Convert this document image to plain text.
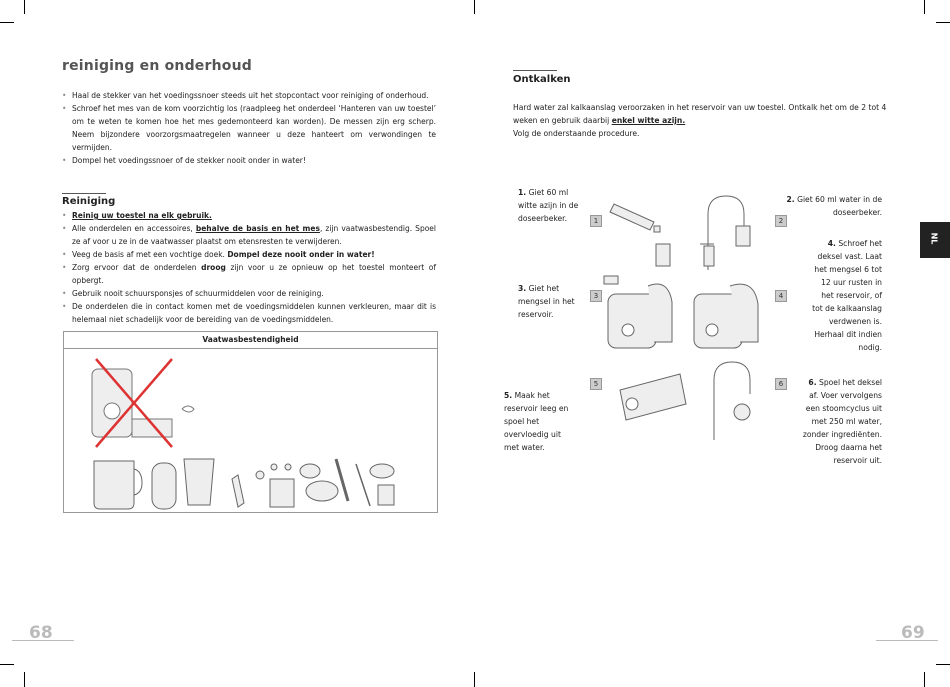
reiniging en onderhoud
• Haal de stekker van het voedingssnoer steeds uit het stopcontact voor reiniging of onderhoud.
• Schroef het mes van de kom voorzichtig los (raadpleeg het onderdeel ‘Hanteren van uw toestel’ om te weten te komen hoe het mes gedemonteerd kan worden). De messen zijn erg scherp. Neem bijzondere voorzorgsmaatregelen wanneer u deze hanteert om verwondingen te vermijden.
• Dompel het voedingssnoer of de stekker nooit onder in water!
Reiniging
• Reinig uw toestel na elk gebruik.
• Alle onderdelen en accessoires, behalve de basis en het mes, zijn vaatwasbestendig. Spoel ze af voor u ze in de vaatwasser plaatst om etensresten te verwijderen.
• Veeg de basis af met een vochtige doek. Dompel deze nooit onder in water!
• Zorg ervoor dat de onderdelen droog zijn voor u ze opnieuw op het toestel monteert of opbergt.
• Gebruik nooit schuursponsjes of schuurmiddelen voor de reiniging.
• De onderdelen die in contact komen met de voedingsmiddelen kunnen verkleuren, maar dit is helemaal niet schadelijk voor de bereiding van de voedingsmiddelen.
Vaatwasbestendigheid
68
Ontkalken
Hard water zal kalkaanslag veroorzaken in het reservoir van uw toestel. Ontkalk het om de 2 tot 4
weken en gebruik daarbij enkel witte azijn.
Volg de onderstaande procedure.
1. Giet 60 ml witte azijn in de doseerbeker.
2. Giet 60 ml water in de doseerbeker.
3. Giet het mengsel in het reservoir.
4. Schroef het deksel vast. Laat het mengsel 6 tot 12 uur rusten in het reservoir, of tot de kalkaanslag verdwenen is. Herhaal dit indien nodig.
5. Maak het reservoir leeg en spoel het overvloedig uit met water.
6. Spoel het deksel af. Voer vervolgens een stoomcyclus uit met 250 ml water, zonder ingrediënten. Droog daarna het reservoir uit.
1	2
3	4
5	6
NL
69
